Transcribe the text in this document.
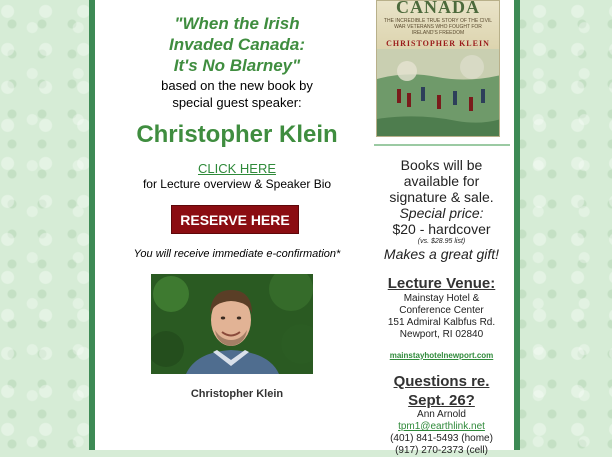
"When the Irish
Invaded Canada:
It's No Blarney"
based on the new book by
special guest speaker:
Christopher Klein
CLICK HERE
for Lecture overview & Speaker Bio
RESERVE HERE
You will receive immediate e-confirmation*
Christopher Klein
CANADA
THE INCREDIBLE TRUE STORY OF THE CIVIL WAR VETERANS WHO FOUGHT FOR IRELAND'S FREEDOM
CHRISTOPHER KLEIN
Books will be
available for
signature & sale.
Special price:
$20 - hardcover
(vs. $28.95 list)
Makes a great gift!
Lecture Venue:
Mainstay Hotel &
Conference Center
151 Admiral Kalbfus Rd.
Newport, RI 02840
mainstayhotelnewport.com
Questions re.
Sept. 26?
Ann Arnold
tpm1@earthlink.net
(401) 841-5493 (home)
(917) 270-2373 (cell)
